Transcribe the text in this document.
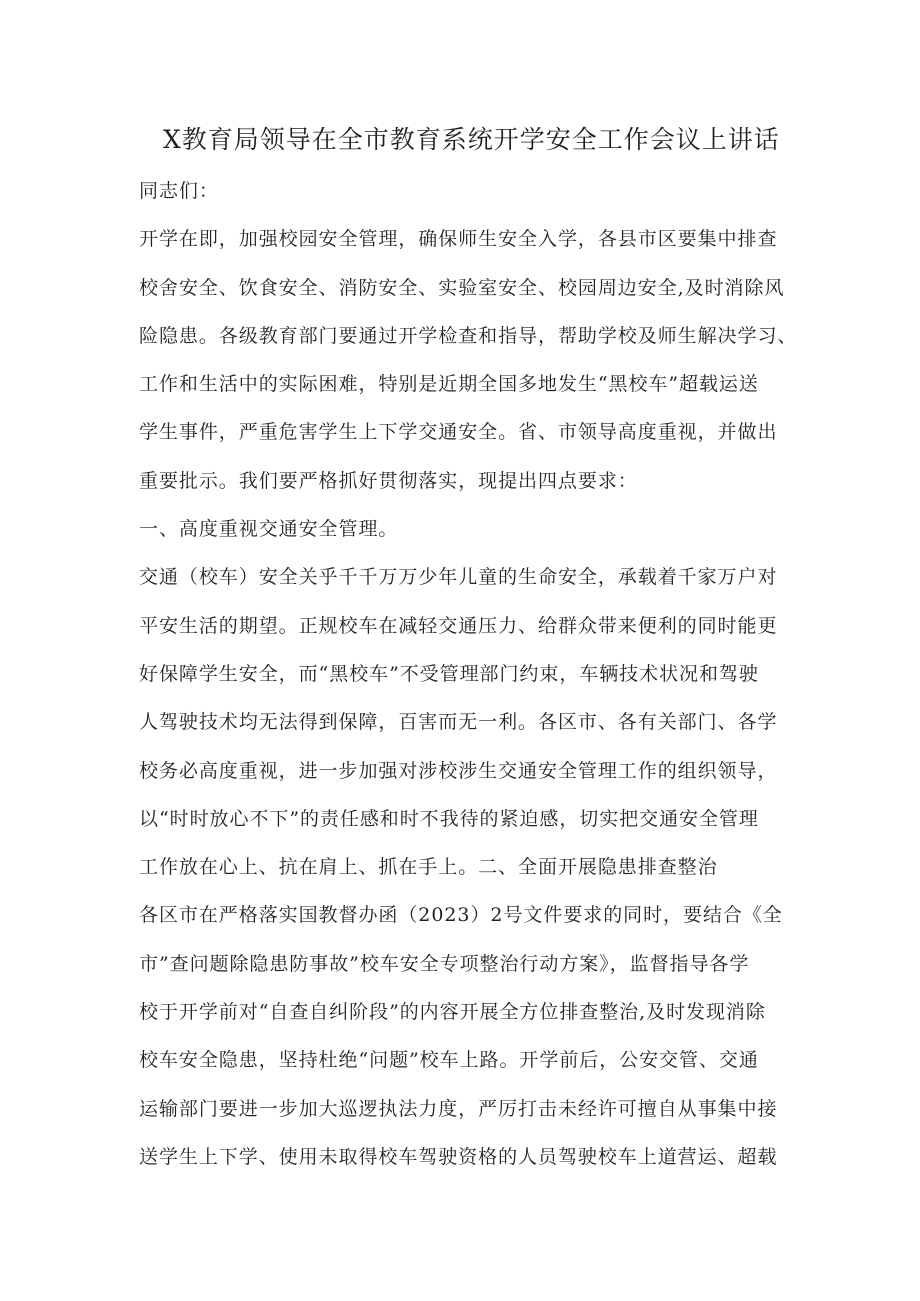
X教育局领导在全市教育系统开学安全工作会议上讲话
同志们：
开学在即，加强校园安全管理，确保师生安全入学，各县市区要集中排查
校舍安全、饮食安全、消防安全、实验室安全、校园周边安全,及时消除风
险隐患。各级教育部门要通过开学检查和指导，帮助学校及师生解决学习、
工作和生活中的实际困难，特别是近期全国多地发生“黑校车”超载运送
学生事件，严重危害学生上下学交通安全。省、市领导高度重视，并做出
重要批示。我们要严格抓好贯彻落实，现提出四点要求：
一、高度重视交通安全管理。
交通（校车）安全关乎千千万万少年儿童的生命安全，承载着千家万户对
平安生活的期望。正规校车在减轻交通压力、给群众带来便利的同时能更
好保障学生安全，而“黑校车”不受管理部门约束，车辆技术状况和驾驶
人驾驶技术均无法得到保障，百害而无一利。各区市、各有关部门、各学
校务必高度重视，进一步加强对涉校涉生交通安全管理工作的组织领导，
以“时时放心不下”的责任感和时不我待的紧迫感，切实把交通安全管理
工作放在心上、抗在肩上、抓在手上。二、全面开展隐患排查整治
各区市在严格落实国教督办函（2023）2号文件要求的同时，要结合《全
市”查问题除隐患防事故”校车安全专项整治行动方案》，监督指导各学
校于开学前对“自查自纠阶段”的内容开展全方位排查整治,及时发现消除
校车安全隐患，坚持杜绝“问题”校车上路。开学前后，公安交管、交通
运输部门要进一步加大巡逻执法力度，严厉打击未经许可擅自从事集中接
送学生上下学、使用未取得校车驾驶资格的人员驾驶校车上道营运、超载
